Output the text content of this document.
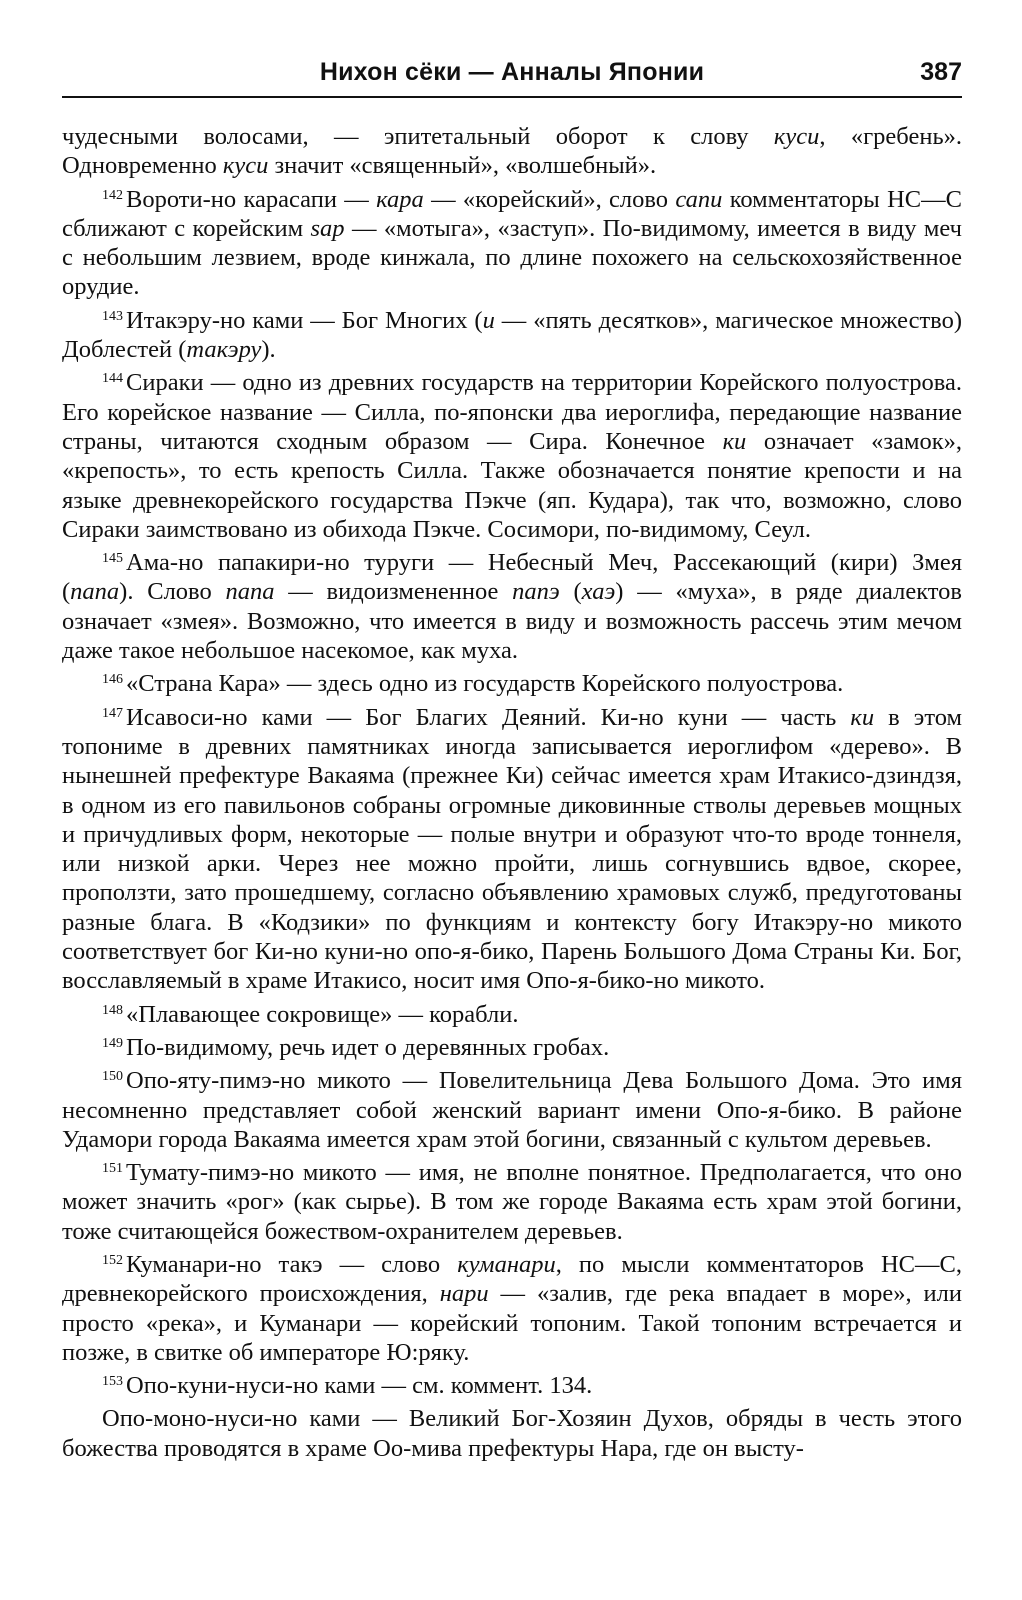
Нихон сёки — Анналы Японии	387

чудесными волосами, — эпитетальный оборот к слову куси, «гребень». Одновременно куси значит «священный», «волшебный».

$^{142}$ Вороти-но карасапи — кара — «корейский», слово сапи комментаторы НС—С сближают с корейским sap — «мотыга», «заступ». По-видимому, имеется в виду меч с небольшим лезвием, вроде кинжала, по длине похожего на сельскохозяйственное орудие.

$^{143}$ Итакэру-но ками — Бог Многих (и — «пять десятков», магическое множество) Доблестей (такэру).

$^{144}$ Сираки — одно из древних государств на территории Корейского полуострова. Его корейское название — Силла, по-японски два иероглифа, передающие название страны, читаются сходным образом — Сира. Конечное ки означает «замок», «крепость», то есть крепость Силла. Также обозначается понятие крепости и на языке древнекорейского государства Пэкче (яп. Кудара), так что, возможно, слово Сираки заимствовано из обихода Пэкче. Сосимори, по-видимому, Сеул.

$^{145}$ Ама-но папакири-но туруги — Небесный Меч, Рассекающий (кири) Змея (папа). Слово папа — видоизмененное папэ (хаэ) — «муха», в ряде диалектов означает «змея». Возможно, что имеется в виду и возможность рассечь этим мечом даже такое небольшое насекомое, как муха.

$^{146}$ «Страна Кара» — здесь одно из государств Корейского полуострова.

$^{147}$ Исавоси-но ками — Бог Благих Деяний. Ки-но куни — часть ки в этом топониме в древних памятниках иногда записывается иероглифом «дерево». В нынешней префектуре Вакаяма (прежнее Ки) сейчас имеется храм Итакисо-дзиндзя, в одном из его павильонов собраны огромные диковинные стволы деревьев мощных и причудливых форм, некоторые — полые внутри и образуют что-то вроде тоннеля, или низкой арки. Через нее можно пройти, лишь согнувшись вдвое, скорее, проползти, зато прошедшему, согласно объявлению храмовых служб, предуготованы разные блага. В «Кодзики» по функциям и контексту богу Итакэру-но микото соответствует бог Ки-но куни-но опо-я-бико, Парень Большого Дома Страны Ки. Бог, восславляемый в храме Итакисо, носит имя Опо-я-бико-но микото.

$^{148}$ «Плавающее сокровище» — корабли.

$^{149}$ По-видимому, речь идет о деревянных гробах.

$^{150}$ Опо-яту-пимэ-но микото — Повелительница Дева Большого Дома. Это имя несомненно представляет собой женский вариант имени Опо-я-бико. В районе Удамори города Вакаяма имеется храм этой богини, связанный с культом деревьев.

$^{151}$ Тумату-пимэ-но микото — имя, не вполне понятное. Предполагается, что оно может значить «рог» (как сырье). В том же городе Вакаяма есть храм этой богини, тоже считающейся божеством-охранителем деревьев.

$^{152}$ Куманари-но такэ — слово куманари, по мысли комментаторов НС—С, древнекорейского происхождения, нари — «залив, где река впадает в море», или просто «река», и Куманари — корейский топоним. Такой топоним встречается и позже, в свитке об императоре Ю:ряку.

$^{153}$ Опо-куни-нуси-но ками — см. коммент. 134.

Опо-моно-нуси-но ками — Великий Бог-Хозяин Духов, обряды в честь этого божества проводятся в храме Оо-мива префектуры Нара, где он высту-
